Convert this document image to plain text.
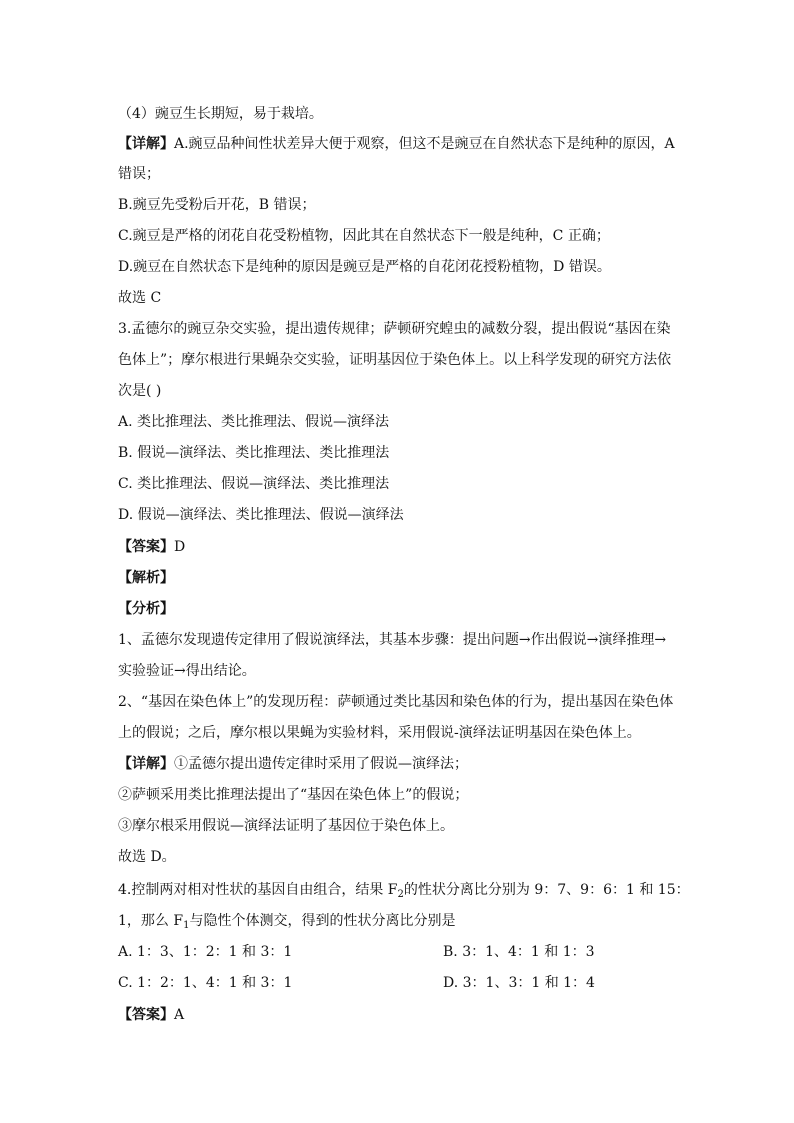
（4）豌豆生长期短，易于栽培。
【详解】A.豌豆品种间性状差异大便于观察，但这不是豌豆在自然状态下是纯种的原因，A
错误；
B.豌豆先受粉后开花，B 错误；
C.豌豆是严格的闭花自花受粉植物，因此其在自然状态下一般是纯种，C 正确；
D.豌豆在自然状态下是纯种的原因是豌豆是严格的自花闭花授粉植物，D 错误。
故选 C
3.孟德尔的豌豆杂交实验，提出遗传规律；萨顿研究蝗虫的减数分裂，提出假说“基因在染
色体上”；摩尔根进行果蝇杂交实验，证明基因位于染色体上。以上科学发现的研究方法依
次是( )
A. 类比推理法、类比推理法、假说—演绎法
B. 假说—演绎法、类比推理法、类比推理法
C. 类比推理法、假说—演绎法、类比推理法
D. 假说—演绎法、类比推理法、假说—演绎法
【答案】D
【解析】
【分析】
1、孟德尔发现遗传定律用了假说演绎法，其基本步骤：提出问题→作出假说→演绎推理→
实验验证→得出结论。
2、“基因在染色体上”的发现历程：萨顿通过类比基因和染色体的行为，提出基因在染色体
上的假说；之后，摩尔根以果蝇为实验材料，采用假说-演绎法证明基因在染色体上。
【详解】①孟德尔提出遗传定律时采用了假说—演绎法；
②萨顿采用类比推理法提出了“基因在染色体上”的假说；
③摩尔根采用假说—演绎法证明了基因位于染色体上。
故选 D。
4.控制两对相对性状的基因自由组合，结果 $F_2$的性状分离比分别为 9：7、9：6：1 和 15：
1，那么 $F_1$与隐性个体测交，得到的性状分离比分别是
A. 1：3、1：2：1 和 3：1	B. 3：1、4：1 和 1：3
C. 1：2：1、4：1 和 3：1	D. 3：1、3：1 和 1：4
【答案】A
